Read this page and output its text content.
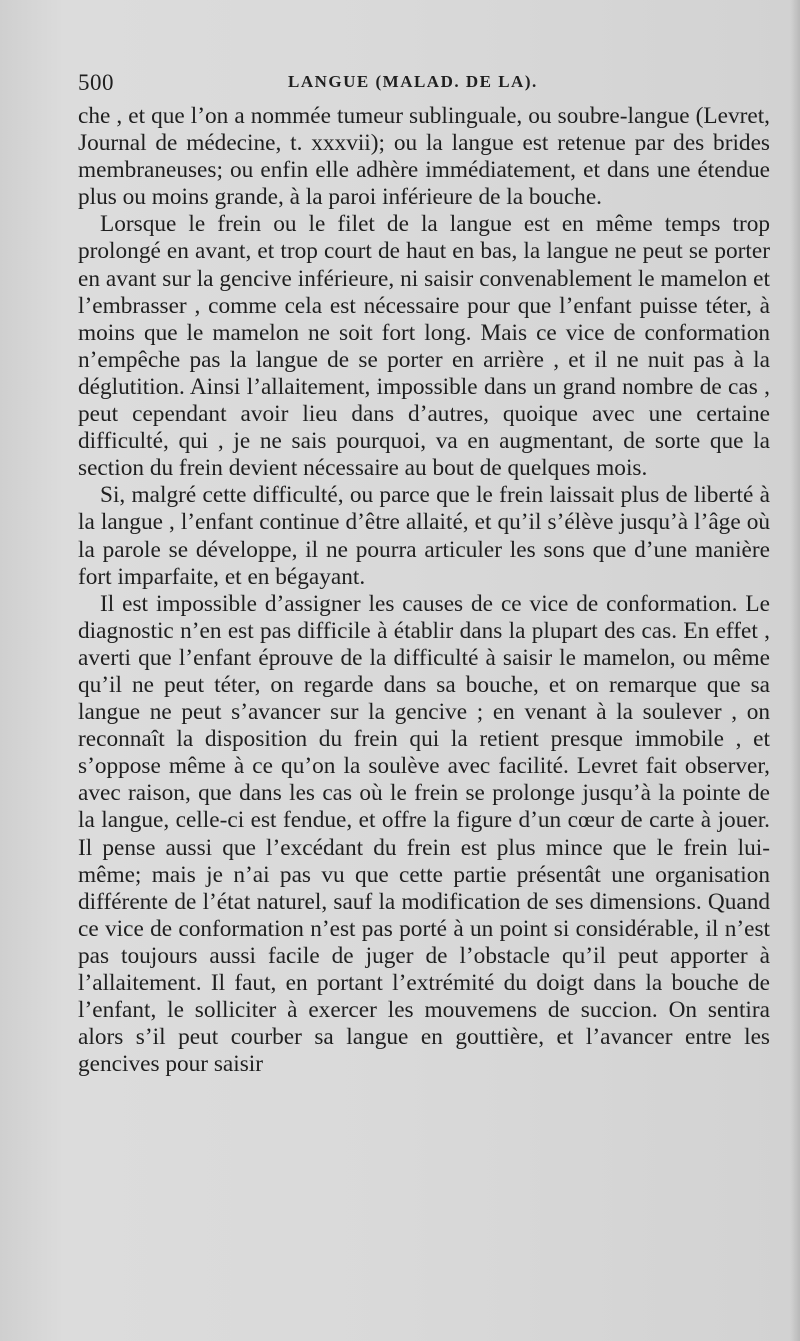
500	LANGUE (MALAD. DE LA).

che , et que l’on a nommée tumeur sublinguale, ou soubre-langue (Levret, Journal de médecine, t. xxxvii); ou la langue est retenue par des brides membraneuses; ou enfin elle adhère immédiatement, et dans une étendue plus ou moins grande, à la paroi inférieure de la bouche.

Lorsque le frein ou le filet de la langue est en même temps trop prolongé en avant, et trop court de haut en bas, la langue ne peut se porter en avant sur la gencive inférieure, ni saisir convenablement le mamelon et l’embrasser , comme cela est nécessaire pour que l’enfant puisse téter, à moins que le mamelon ne soit fort long. Mais ce vice de conformation n’empêche pas la langue de se porter en arrière , et il ne nuit pas à la déglutition. Ainsi l’allaitement, impossible dans un grand nombre de cas , peut cependant avoir lieu dans d’autres, quoique avec une certaine difficulté, qui , je ne sais pourquoi, va en augmentant, de sorte que la section du frein devient nécessaire au bout de quelques mois.

Si, malgré cette difficulté, ou parce que le frein laissait plus de liberté à la langue , l’enfant continue d’être allaité, et qu’il s’élève jusqu’à l’âge où la parole se développe, il ne pourra articuler les sons que d’une manière fort imparfaite, et en bégayant.

Il est impossible d’assigner les causes de ce vice de conformation. Le diagnostic n’en est pas difficile à établir dans la plupart des cas. En effet , averti que l’enfant éprouve de la difficulté à saisir le mamelon, ou même qu’il ne peut téter, on regarde dans sa bouche, et on remarque que sa langue ne peut s’avancer sur la gencive ; en venant à la soulever , on reconnaît la disposition du frein qui la retient presque immobile , et s’oppose même à ce qu’on la soulève avec facilité. Levret fait observer, avec raison, que dans les cas où le frein se prolonge jusqu’à la pointe de la langue, celle-ci est fendue, et offre la figure d’un cœur de carte à jouer. Il pense aussi que l’excédant du frein est plus mince que le frein lui-même; mais je n’ai pas vu que cette partie présentât une organisation différente de l’état naturel, sauf la modification de ses dimensions. Quand ce vice de conformation n’est pas porté à un point si considérable, il n’est pas toujours aussi facile de juger de l’obstacle qu’il peut apporter à l’allaitement. Il faut, en portant l’extrémité du doigt dans la bouche de l’enfant, le solliciter à exercer les mouvemens de succion. On sentira alors s’il peut courber sa langue en gouttière, et l’avancer entre les gencives pour saisir
